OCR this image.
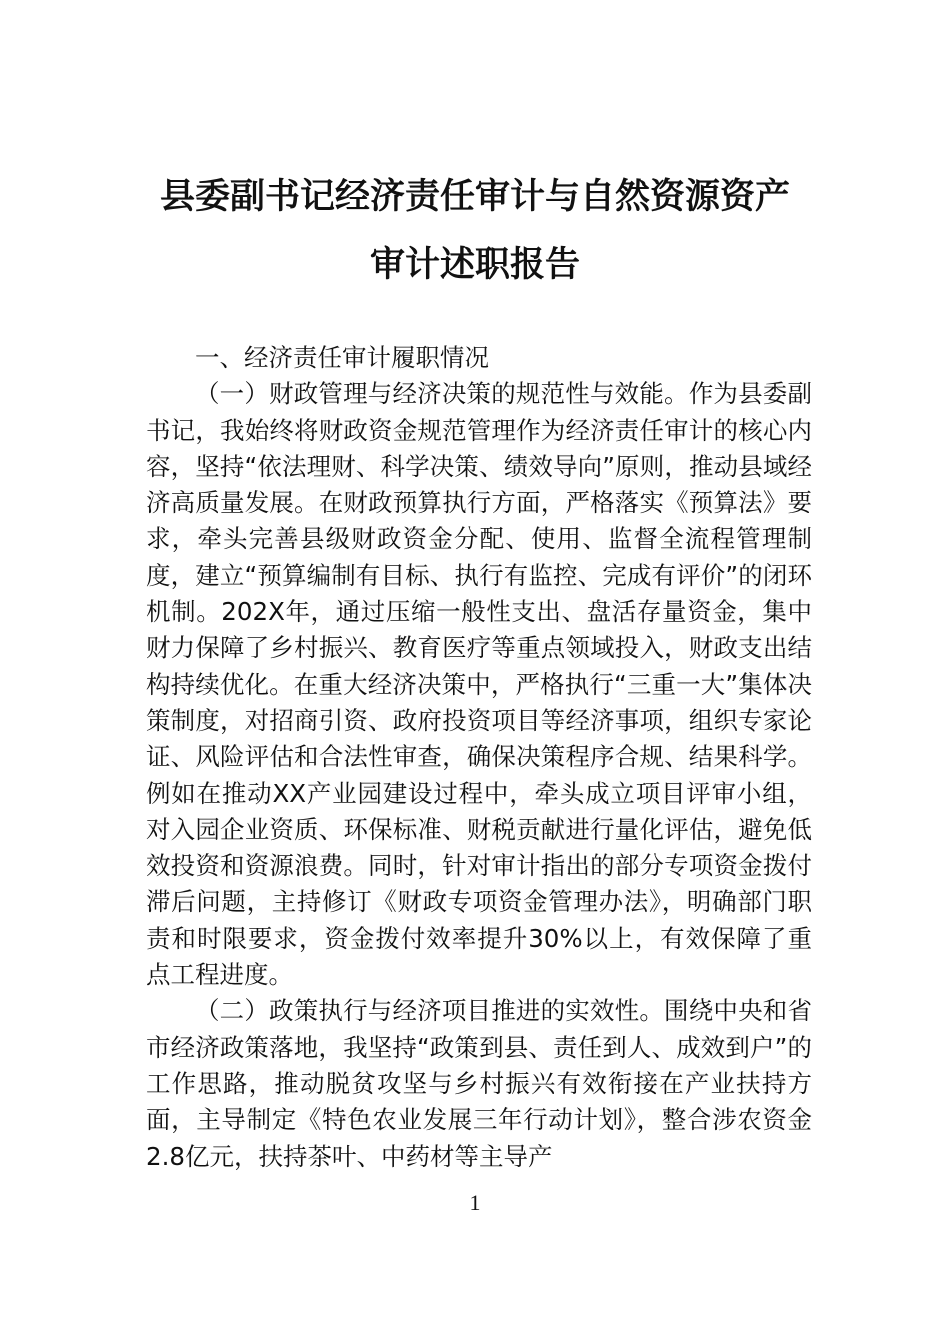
县委副书记经济责任审计与自然资源资产
审计述职报告

一、经济责任审计履职情况

（一）财政管理与经济决策的规范性与效能。作为县委副书记，我始终将财政资金规范管理作为经济责任审计的核心内容，坚持“依法理财、科学决策、绩效导向”原则，推动县域经济高质量发展。在财政预算执行方面，严格落实《预算法》要求，牵头完善县级财政资金分配、使用、监督全流程管理制度，建立“预算编制有目标、执行有监控、完成有评价”的闭环机制。202X年，通过压缩一般性支出、盘活存量资金，集中财力保障了乡村振兴、教育医疗等重点领域投入，财政支出结构持续优化。在重大经济决策中，严格执行“三重一大”集体决策制度，对招商引资、政府投资项目等经济事项，组织专家论证、风险评估和合法性审查，确保决策程序合规、结果科学。例如在推动XX产业园建设过程中，牵头成立项目评审小组，对入园企业资质、环保标准、财税贡献进行量化评估，避免低效投资和资源浪费。同时，针对审计指出的部分专项资金拨付滞后问题，主持修订《财政专项资金管理办法》，明确部门职责和时限要求，资金拨付效率提升30%以上，有效保障了重点工程进度。

（二）政策执行与经济项目推进的实效性。围绕中央和省市经济政策落地，我坚持“政策到县、责任到人、成效到户”的工作思路，推动脱贫攻坚与乡村振兴有效衔接在产业扶持方面，主导制定《特色农业发展三年行动计划》，整合涉农资金2.8亿元，扶持茶叶、中药材等主导产

1
